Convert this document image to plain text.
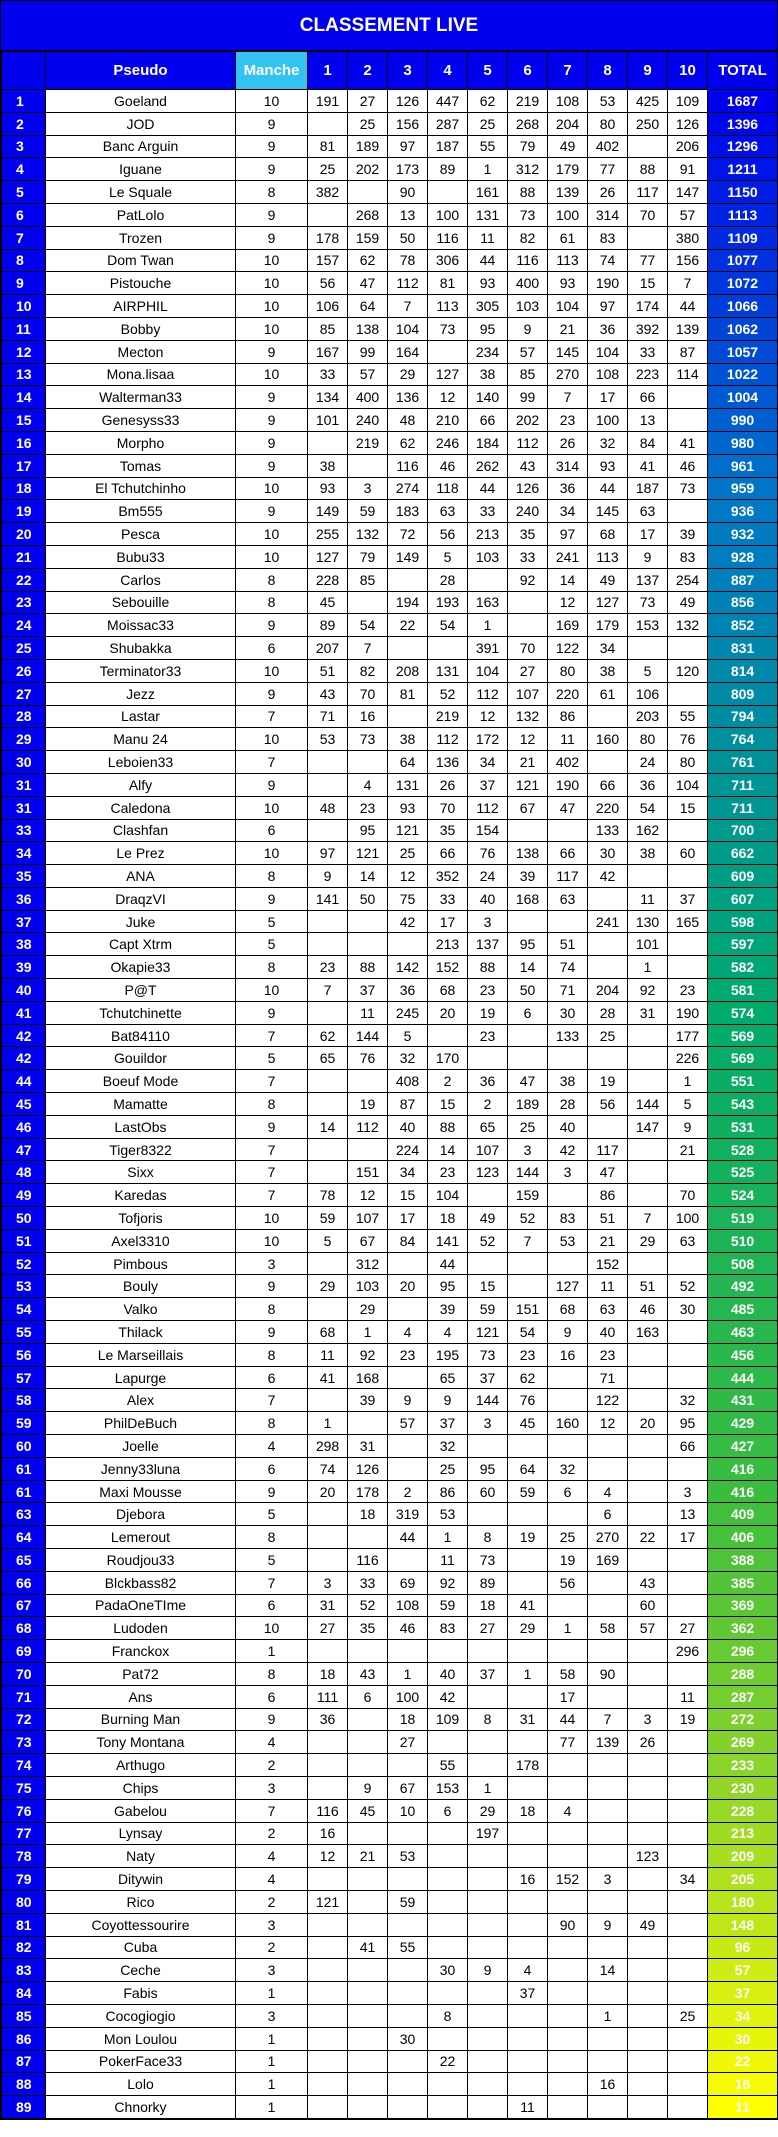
CLASSEMENT LIVE
	Pseudo	Manche	1	2	3	4	5	6	7	8	9	10	TOTAL
1	Goeland	10	191	27	126	447	62	219	108	53	425	109	1687
2	JOD	9		25	156	287	25	268	204	80	250	126	1396
3	Banc Arguin	9	81	189	97	187	55	79	49	402		206	1296
4	Iguane	9	25	202	173	89	1	312	179	77	88	91	1211
5	Le Squale	8	382		90		161	88	139	26	117	147	1150
6	PatLolo	9		268	13	100	131	73	100	314	70	57	1113
7	Trozen	9	178	159	50	116	11	82	61	83		380	1109
8	Dom Twan	10	157	62	78	306	44	116	113	74	77	156	1077
9	Pistouche	10	56	47	112	81	93	400	93	190	15	7	1072
10	AIRPHIL	10	106	64	7	113	305	103	104	97	174	44	1066
11	Bobby	10	85	138	104	73	95	9	21	36	392	139	1062
12	Mecton	9	167	99	164		234	57	145	104	33	87	1057
13	Mona.lisaa	10	33	57	29	127	38	85	270	108	223	114	1022
14	Walterman33	9	134	400	136	12	140	99	7	17	66		1004
15	Genesyss33	9	101	240	48	210	66	202	23	100	13		990
16	Morpho	9		219	62	246	184	112	26	32	84	41	980
17	Tomas	9	38		116	46	262	43	314	93	41	46	961
18	El Tchutchinho	10	93	3	274	118	44	126	36	44	187	73	959
19	Bm555	9	149	59	183	63	33	240	34	145	63		936
20	Pesca	10	255	132	72	56	213	35	97	68	17	39	932
21	Bubu33	10	127	79	149	5	103	33	241	113	9	83	928
22	Carlos	8	228	85		28		92	14	49	137	254	887
23	Sebouille	8	45		194	193	163		12	127	73	49	856
24	Moissac33	9	89	54	22	54	1		169	179	153	132	852
25	Shubakka	6	207	7			391	70	122	34			831
26	Terminator33	10	51	82	208	131	104	27	80	38	5	120	814
27	Jezz	9	43	70	81	52	112	107	220	61	106		809
28	Lastar	7	71	16		219	12	132	86		203	55	794
29	Manu 24	10	53	73	38	112	172	12	11	160	80	76	764
30	Leboien33	7			64	136	34	21	402		24	80	761
31	Alfy	9		4	131	26	37	121	190	66	36	104	711
31	Caledona	10	48	23	93	70	112	67	47	220	54	15	711
33	Clashfan	6		95	121	35	154			133	162		700
34	Le Prez	10	97	121	25	66	76	138	66	30	38	60	662
35	ANA	8	9	14	12	352	24	39	117	42			609
36	DraqzVI	9	141	50	75	33	40	168	63		11	37	607
37	Juke	5			42	17	3			241	130	165	598
38	Capt Xtrm	5				213	137	95	51		101		597
39	Okapie33	8	23	88	142	152	88	14	74		1		582
40	P@T	10	7	37	36	68	23	50	71	204	92	23	581
41	Tchutchinette	9		11	245	20	19	6	30	28	31	190	574
42	Bat84110	7	62	144	5		23		133	25		177	569
42	Gouildor	5	65	76	32	170						226	569
44	Boeuf Mode	7			408	2	36	47	38	19		1	551
45	Mamatte	8		19	87	15	2	189	28	56	144	5	543
46	LastObs	9	14	112	40	88	65	25	40		147	9	531
47	Tiger8322	7			224	14	107	3	42	117		21	528
48	Sixx	7		151	34	23	123	144	3	47			525
49	Karedas	7	78	12	15	104		159		86		70	524
50	Tofjoris	10	59	107	17	18	49	52	83	51	7	100	519
51	Axel3310	10	5	67	84	141	52	7	53	21	29	63	510
52	Pimbous	3		312		44				152			508
53	Bouly	9	29	103	20	95	15		127	11	51	52	492
54	Valko	8		29		39	59	151	68	63	46	30	485
55	Thilack	9	68	1	4	4	121	54	9	40	163		463
56	Le Marseillais	8	11	92	23	195	73	23	16	23			456
57	Lapurge	6	41	168		65	37	62		71			444
58	Alex	7		39	9	9	144	76		122		32	431
59	PhilDeBuch	8	1		57	37	3	45	160	12	20	95	429
60	Joelle	4	298	31		32						66	427
61	Jenny33luna	6	74	126		25	95	64	32				416
61	Maxi Mousse	9	20	178	2	86	60	59	6	4		3	416
63	Djebora	5		18	319	53				6		13	409
64	Lemerout	8			44	1	8	19	25	270	22	17	406
65	Roudjou33	5		116		11	73		19	169			388
66	Blckbass82	7	3	33	69	92	89		56		43		385
67	PadaOneTIme	6	31	52	108	59	18	41			60		369
68	Ludoden	10	27	35	46	83	27	29	1	58	57	27	362
69	Franckox	1										296	296
70	Pat72	8	18	43	1	40	37	1	58	90			288
71	Ans	6	111	6	100	42			17			11	287
72	Burning Man	9	36		18	109	8	31	44	7	3	19	272
73	Tony Montana	4			27				77	139	26		269
74	Arthugo	2				55		178					233
75	Chips	3		9	67	153	1						230
76	Gabelou	7	116	45	10	6	29	18	4				228
77	Lynsay	2	16				197						213
78	Naty	4	12	21	53						123		209
79	Ditywin	4						16	152	3		34	205
80	Rico	2	121		59								180
81	Coyottessourire	3							90	9	49		148
82	Cuba	2		41	55								96
83	Ceche	3				30	9	4		14			57
84	Fabis	1						37					37
85	Cocogiogio	3				8				1		25	34
86	Mon Loulou	1			30								30
87	PokerFace33	1				22							22
88	Lolo	1								16			16
89	Chnorky	1						11					11
